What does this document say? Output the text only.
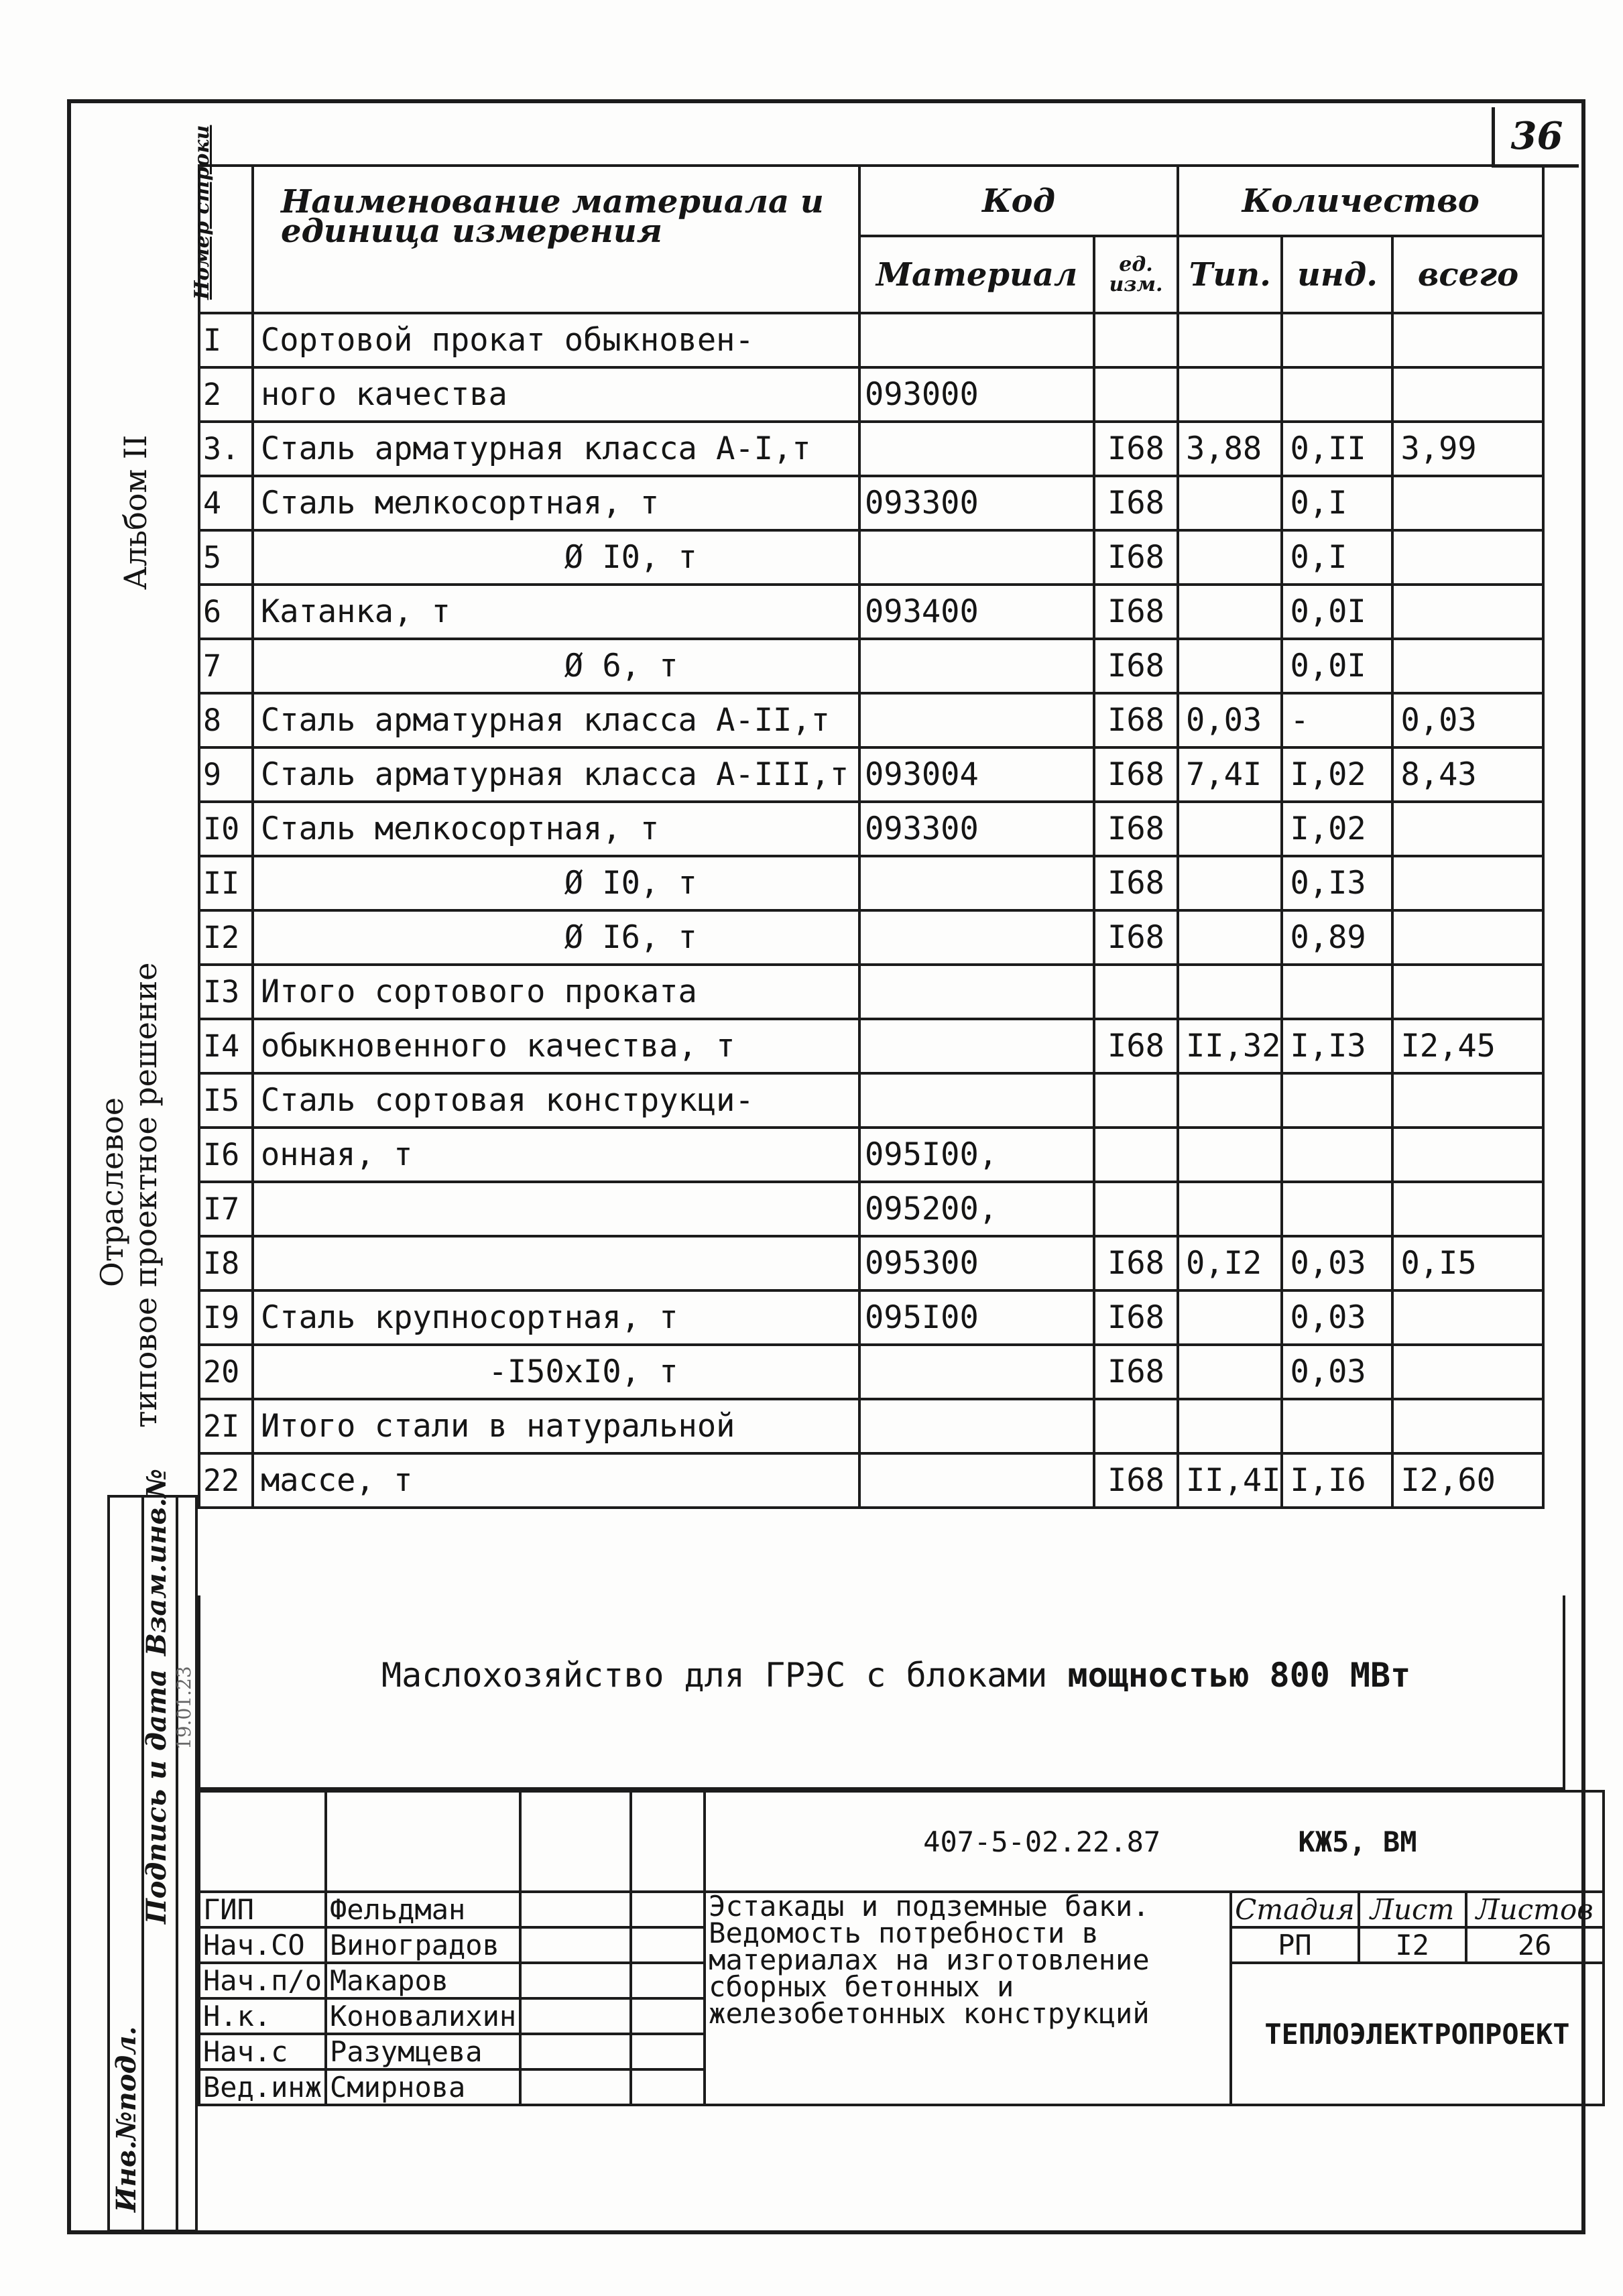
36
Альбом II
Отраслевое
типовое проектное решение

Инв.№подл.
Подпись и дата
Взам.инв.№
19.01.23
Номер строки	Наименование материала и единица измерения	Код		Количество		
		Материал	ед. изм.	Тип.	инд.	всего
I	Сортовой прокат обыкновен-					
2	ного качества	093000				
3.	Сталь арматурная класса А-I,т		I68	3,88	0,II	3,99
4	Сталь мелкосортная, т	093300	I68		0,I	
5	Ø I0, т		I68		0,I	
6	Катанка, т	093400	I68		0,0I	
7	Ø 6, т		I68		0,0I	
8	Сталь арматурная класса А-II,т		I68	0,03	-	0,03
9	Сталь арматурная класса А-III,т	093004	I68	7,4I	I,02	8,43
I0	Сталь мелкосортная, т	093300	I68		I,02	
II	Ø I0, т		I68		0,I3	
I2	Ø I6, т		I68		0,89	
I3	Итого сортового проката					
I4	обыкновенного качества, т		I68	II,32	I,I3	I2,45
I5	Сталь сортовая конструкци-					
I6	онная, т	095I00,				
I7		095200,				
I8		095300	I68	0,I2	0,03	0,I5
I9	Сталь крупносортная, т	095I00	I68		0,03	
20	-I50xI0, т		I68		0,03	
2I	Итого стали в натуральной					
22	массе, т		I68	II,4I	I,I6	I2,60
Маслохозяйство для ГРЭС с блоками мощностью 800 МВт
				407-5-02.22.87 КЖ5, ВМ			
ГИП	Фельдман			Эстакады и подземные баки. Ведомость потребности в материалах на изготовление сборных бетонных и железобетонных конструкций	Стадия	Лист	Листов
Нач.СО	Виноградов				РП	I2	26
Нач.п/о	Макаров				ТЕПЛОЭЛЕКТРОПРОЕКТ		
Н.к.	Коновалихин						
Нач.с	Разумцева						
Вед.инж	Смирнова						
